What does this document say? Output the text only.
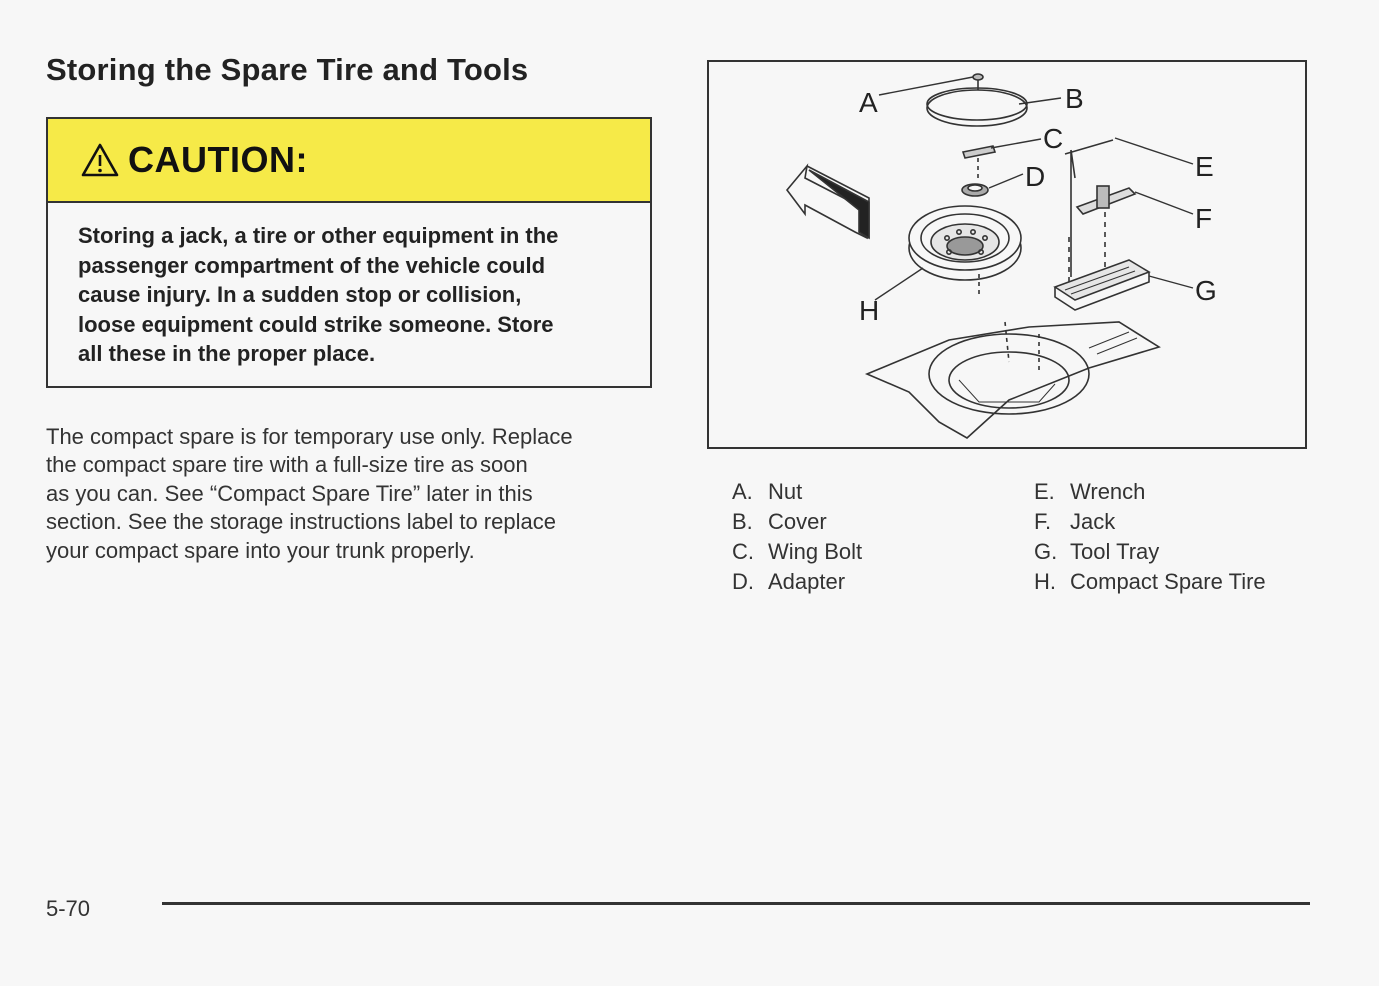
Storing the Spare Tire and Tools
CAUTION:
Storing a jack, a tire or other equipment in the
passenger compartment of the vehicle could
cause injury. In a sudden stop or collision,
loose equipment could strike someone. Store
all these in the proper place.
The compact spare is for temporary use only. Replace
the compact spare tire with a full-size tire as soon
as you can. See “Compact Spare Tire” later in this
section. See the storage instructions label to replace
your compact spare into your trunk properly.
A	B
C
D	E
F
G
H
A. Nut
B. Cover
C. Wing Bolt
D. Adapter
E. Wrench
F. Jack
G. Tool Tray
H. Compact Spare Tire
5-70
